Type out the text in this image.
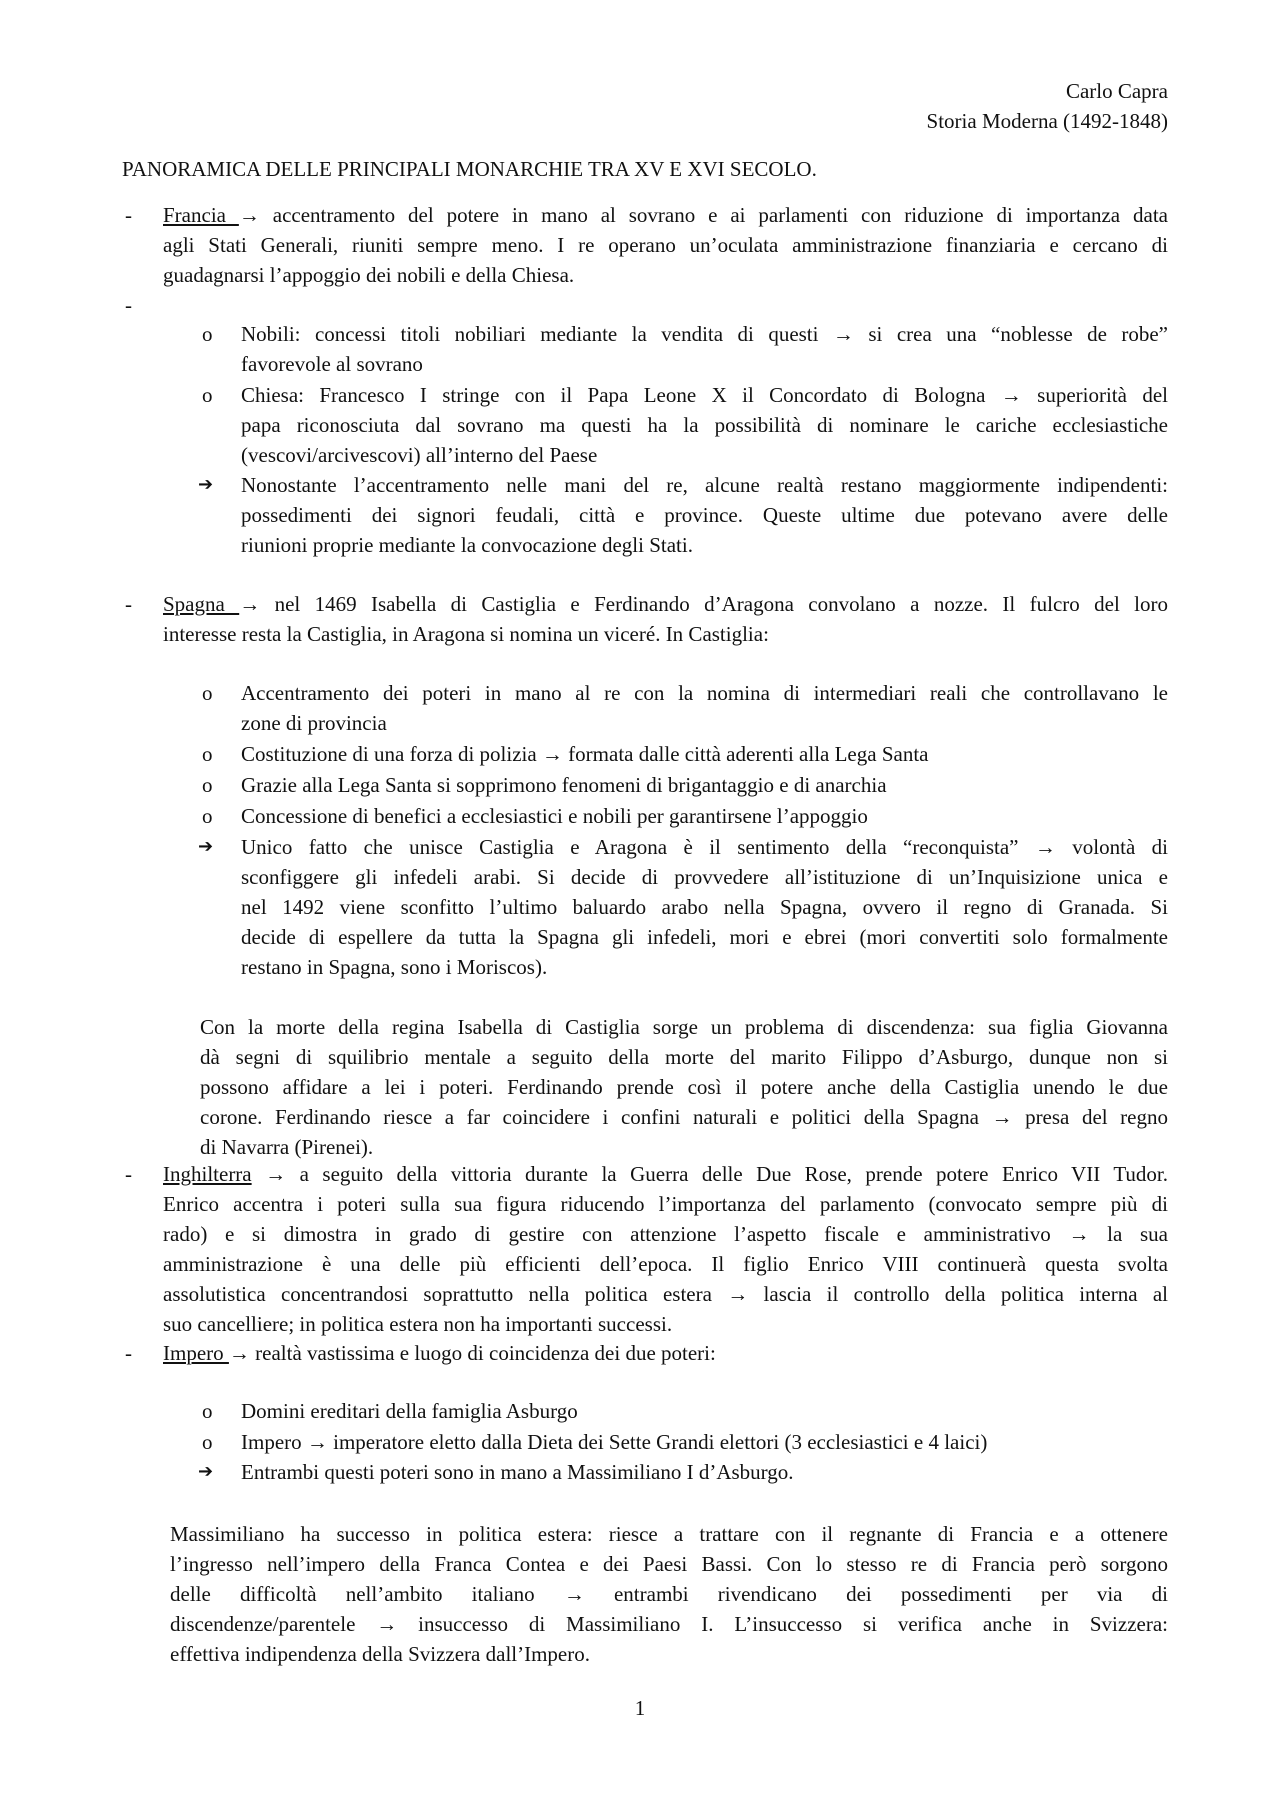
Carlo Capra
Storia Moderna (1492-1848)
PANORAMICA DELLE PRINCIPALI MONARCHIE TRA XV E XVI SECOLO.
- Francia → accentramento del potere in mano al sovrano e ai parlamenti con riduzione di importanza data
agli Stati Generali, riuniti sempre meno. I re operano un’oculata amministrazione finanziaria e cercano di
guadagnarsi l’appoggio dei nobili e della Chiesa.
-
o Nobili: concessi titoli nobiliari mediante la vendita di questi → si crea una “noblesse de robe”
favorevole al sovrano
o Chiesa: Francesco I stringe con il Papa Leone X il Concordato di Bologna → superiorità del
papa riconosciuta dal sovrano ma questi ha la possibilità di nominare le cariche ecclesiastiche
(vescovi/arcivescovi) all’interno del Paese
➔ Nonostante l’accentramento nelle mani del re, alcune realtà restano maggiormente indipendenti:
possedimenti dei signori feudali, città e province. Queste ultime due potevano avere delle
riunioni proprie mediante la convocazione degli Stati.
- Spagna → nel 1469 Isabella di Castiglia e Ferdinando d’Aragona convolano a nozze. Il fulcro del loro
interesse resta la Castiglia, in Aragona si nomina un viceré. In Castiglia:
o Accentramento dei poteri in mano al re con la nomina di intermediari reali che controllavano le
zone di provincia
o Costituzione di una forza di polizia → formata dalle città aderenti alla Lega Santa
o Grazie alla Lega Santa si sopprimono fenomeni di brigantaggio e di anarchia
o Concessione di benefici a ecclesiastici e nobili per garantirsene l’appoggio
➔ Unico fatto che unisce Castiglia e Aragona è il sentimento della “reconquista” → volontà di
sconfiggere gli infedeli arabi. Si decide di provvedere all’istituzione di un’Inquisizione unica e
nel 1492 viene sconfitto l’ultimo baluardo arabo nella Spagna, ovvero il regno di Granada. Si
decide di espellere da tutta la Spagna gli infedeli, mori e ebrei (mori convertiti solo formalmente
restano in Spagna, sono i Moriscos).
Con la morte della regina Isabella di Castiglia sorge un problema di discendenza: sua figlia Giovanna
dà segni di squilibrio mentale a seguito della morte del marito Filippo d’Asburgo, dunque non si
possono affidare a lei i poteri. Ferdinando prende così il potere anche della Castiglia unendo le due
corone. Ferdinando riesce a far coincidere i confini naturali e politici della Spagna → presa del regno
di Navarra (Pirenei).
- Inghilterra → a seguito della vittoria durante la Guerra delle Due Rose, prende potere Enrico VII Tudor.
Enrico accentra i poteri sulla sua figura riducendo l’importanza del parlamento (convocato sempre più di
rado) e si dimostra in grado di gestire con attenzione l’aspetto fiscale e amministrativo → la sua
amministrazione è una delle più efficienti dell’epoca. Il figlio Enrico VIII continuerà questa svolta
assolutistica concentrandosi soprattutto nella politica estera → lascia il controllo della politica interna al
suo cancelliere; in politica estera non ha importanti successi.
- Impero → realtà vastissima e luogo di coincidenza dei due poteri:
o Domini ereditari della famiglia Asburgo
o Impero → imperatore eletto dalla Dieta dei Sette Grandi elettori (3 ecclesiastici e 4 laici)
➔ Entrambi questi poteri sono in mano a Massimiliano I d’Asburgo.
Massimiliano ha successo in politica estera: riesce a trattare con il regnante di Francia e a ottenere
l’ingresso nell’impero della Franca Contea e dei Paesi Bassi. Con lo stesso re di Francia però sorgono
delle difficoltà nell’ambito italiano → entrambi rivendicano dei possedimenti per via di
discendenze/parentele → insuccesso di Massimiliano I. L’insuccesso si verifica anche in Svizzera:
effettiva indipendenza della Svizzera dall’Impero.
1
